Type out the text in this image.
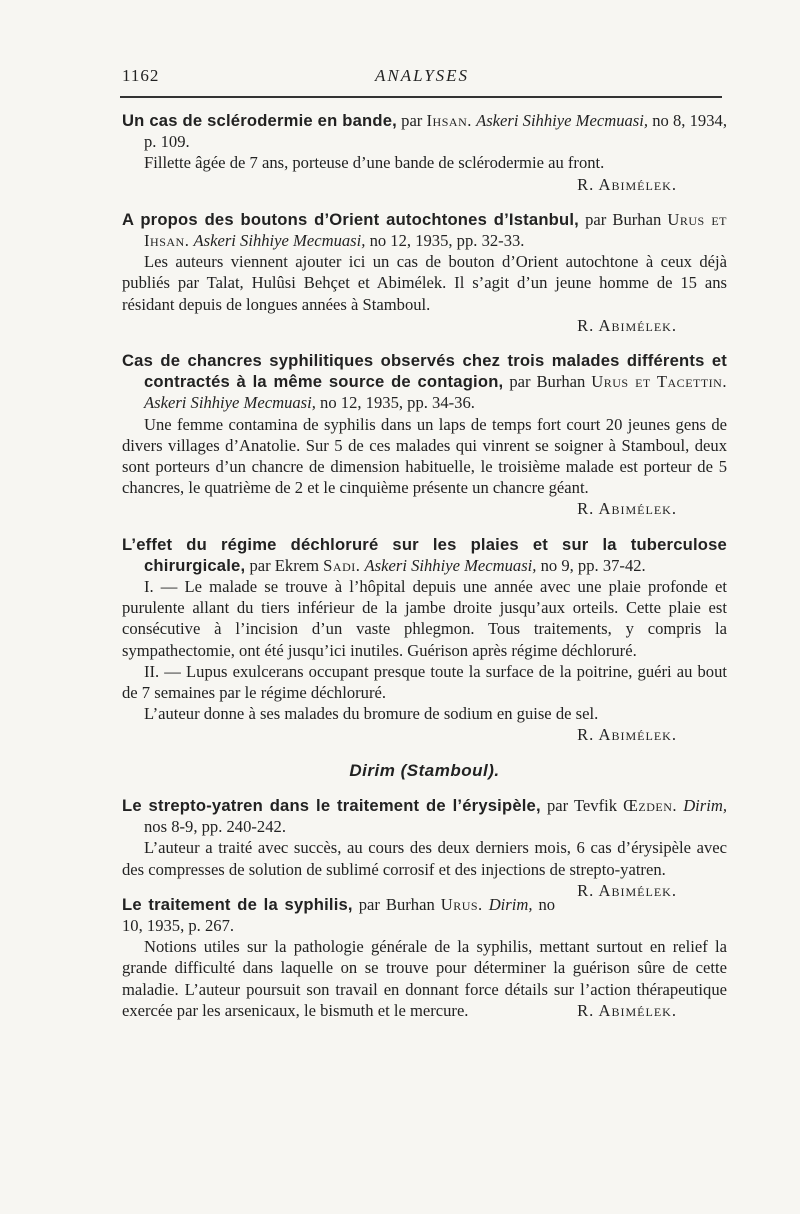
1162	ANALYSES

Un cas de sclérodermie en bande, par Ihsan. Askeri Sihhiye Mecmuasi, no 8, 1934, p. 109.

Fillette âgée de 7 ans, porteuse d’une bande de sclérodermie au front.

R. Abimélek.

A propos des boutons d’Orient autochtones d’Istanbul, par Burhan Urus et Ihsan. Askeri Sihhiye Mecmuasi, no 12, 1935, pp. 32-33.

Les auteurs viennent ajouter ici un cas de bouton d’Orient autochtone à ceux déjà publiés par Talat, Hulûsi Behçet et Abimélek. Il s’agit d’un jeune homme de 15 ans résidant depuis de longues années à Stamboul.

R. Abimélek.

Cas de chancres syphilitiques observés chez trois malades différents et contractés à la même source de contagion, par Burhan Urus et Tacettin. Askeri Sihhiye Mecmuasi, no 12, 1935, pp. 34-36.

Une femme contamina de syphilis dans un laps de temps fort court 20 jeunes gens de divers villages d’Anatolie. Sur 5 de ces malades qui vinrent se soigner à Stamboul, deux sont porteurs d’un chancre de dimension habituelle, le troisième malade est porteur de 5 chancres, le quatrième de 2 et le cinquième présente un chancre géant.

R. Abimélek.

L’effet du régime déchloruré sur les plaies et sur la tuberculose chirurgicale, par Ekrem Sadi. Askeri Sihhiye Mecmuasi, no 9, pp. 37-42.

I. — Le malade se trouve à l’hôpital depuis une année avec une plaie profonde et purulente allant du tiers inférieur de la jambe droite jusqu’aux orteils. Cette plaie est consécutive à l’incision d’un vaste phlegmon. Tous traitements, y compris la sympathectomie, ont été jusqu’ici inutiles. Guérison après régime déchloruré.

II. — Lupus exulcerans occupant presque toute la surface de la poitrine, guéri au bout de 7 semaines par le régime déchloruré.

L’auteur donne à ses malades du bromure de sodium en guise de sel.

R. Abimélek.

Dirim (Stamboul).

Le strepto-yatren dans le traitement de l’érysipèle, par Tevfik Œzden. Dirim, nos 8-9, pp. 240-242.

L’auteur a traité avec succès, au cours des deux derniers mois, 6 cas d’érysipèle avec des compresses de solution de sublimé corrosif et des injections de strepto-yatren.
R. Abimélek.

Le traitement de la syphilis, par Burhan Urus. Dirim, no 10, 1935, p. 267.

Notions utiles sur la pathologie générale de la syphilis, mettant surtout en relief la grande difficulté dans laquelle on se trouve pour déterminer la guérison sûre de cette maladie. L’auteur poursuit son travail en donnant force détails sur l’action thérapeutique exercée par les arsenicaux, le bismuth et le mercure.	R. Abimélek.
